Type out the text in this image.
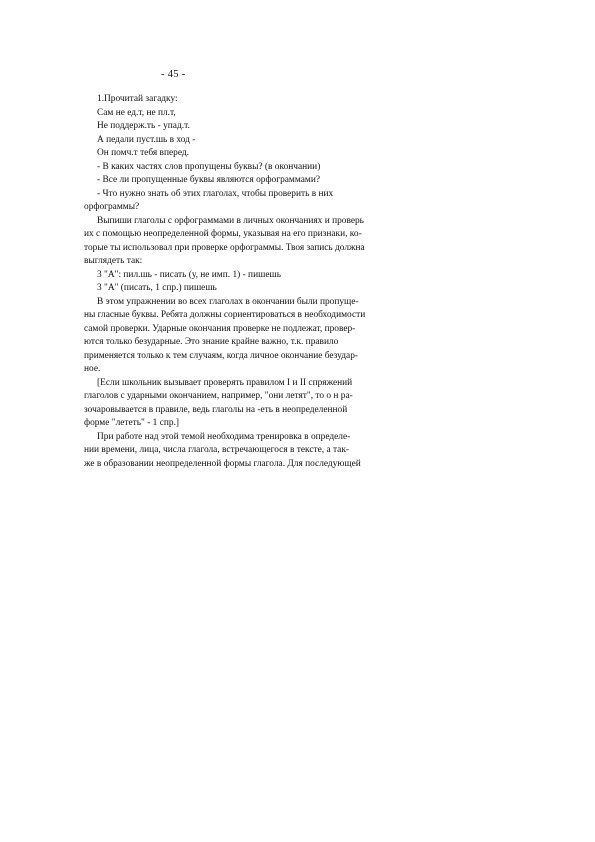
- 45 -
1.Прочитай загадку:
Сам не ед.т, не пл.т,
Не поддерж.ть - упад.т.
А педали пуст.шь в ход -
Он помч.т тебя вперед.
- В каких частях слов пропущены буквы? (в окончании)
- Все ли пропущенные буквы являются орфограммами?
- Что нужно знать об этих глаголах, чтобы проверить в них
орфограммы?
Выпиши глаголы с орфограммами в личных окончаниях и проверь
их с помощью неопределенной формы, указывая на его признаки, ко-
торые ты использовал при проверке орфограммы. Твоя запись должна
выглядеть так:
3 "А": пил.шь - писать (у, не имп. 1) - пишешь
3 "А" (писать, 1 спр.) пишешь
В этом упражнении во всех глаголах в окончании были пропуще-
ны гласные буквы. Ребята должны сориентироваться в необходимости
самой проверки. Ударные окончания проверке не подлежат, провер-
ются только безударные. Это знание крайне важно, т.к. правило
применяется только к тем случаям, когда личное окончание безудар-
ное.
[Если школьник вызывает проверять правилом I и II спряжений
глаголов с ударными окончанием, например, "они летят", то о н ра-
зочаровывается в правиле, ведь глаголы на -еть в неопределенной
форме "лететь" - 1 спр.]
При работе над этой темой необходима тренировка в определе-
нии времени, лица, числа глагола, встречающегося в тексте, а так-
же в образовании неопределенной формы глагола. Для последующей
